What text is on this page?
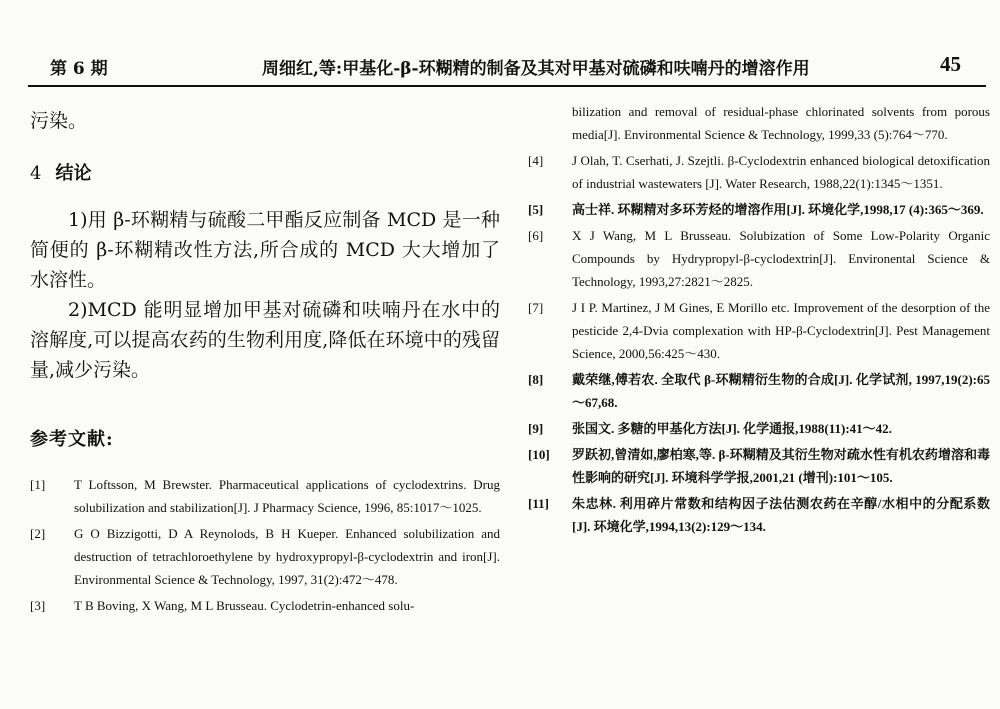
第 6 期	周细红,等:甲基化-β-环糊精的制备及其对甲基对硫磷和呋喃丹的增溶作用	45
污染。
4 结论
1)用 β-环糊精与硫酸二甲酯反应制备 MCD 是一种简便的 β-环糊精改性方法,所合成的 MCD 大大增加了水溶性。
2)MCD 能明显增加甲基对硫磷和呋喃丹在水中的溶解度,可以提高农药的生物利用度,降低在环境中的残留量,减少污染。
参考文献:
[1] T Loftsson, M Brewster. Pharmaceutical applications of cyclodextrins. Drug solubilization and stabilization[J]. J Pharmacy Science, 1996, 85:1017～1025.
[2] G O Bizzigotti, D A Reynolods, B H Kueper. Enhanced solubilization and destruction of tetrachloroethylene by hydroxypropyl-β-cyclodextrin and iron[J]. Environmental Science & Technology, 1997, 31(2):472～478.
[3] T B Boving, X Wang, M L Brusseau. Cyclodetrin-enhanced solu-
bilization and removal of residual-phase chlorinated solvents from porous media[J]. Environmental Science & Technology, 1999,33 (5):764～770.
[4] J Olah, T. Cserhati, J. Szejtli. β-Cyclodextrin enhanced biological detoxification of industrial wastewaters [J]. Water Research, 1988,22(1):1345～1351.
[5] 高士祥. 环糊精对多环芳烃的增溶作用[J]. 环境化学,1998,17 (4):365～369.
[6] X J Wang, M L Brusseau. Solubization of Some Low-Polarity Organic Compounds by Hydrypropyl-β-cyclodextrin[J]. Environental Science & Technology, 1993,27:2821～2825.
[7] J I P. Martinez, J M Gines, E Morillo etc. Improvement of the desorption of the pesticide 2,4-Dvia complexation with HP-β-Cyclodextrin[J]. Pest Management Science, 2000,56:425～430.
[8] 戴荣继,傅若农. 全取代 β-环糊精衍生物的合成[J]. 化学试剂, 1997,19(2):65～67,68.
[9] 张国文. 多糖的甲基化方法[J]. 化学通报,1988(11):41～42.
[10] 罗跃初,曾清如,廖柏寒,等. β-环糊精及其衍生物对疏水性有机农药增溶和毒性影响的研究[J]. 环境科学学报,2001,21 (增刊):101～105.
[11] 朱忠林. 利用碎片常数和结构因子法估测农药在辛醇/水相中的分配系数[J]. 环境化学,1994,13(2):129～134.
